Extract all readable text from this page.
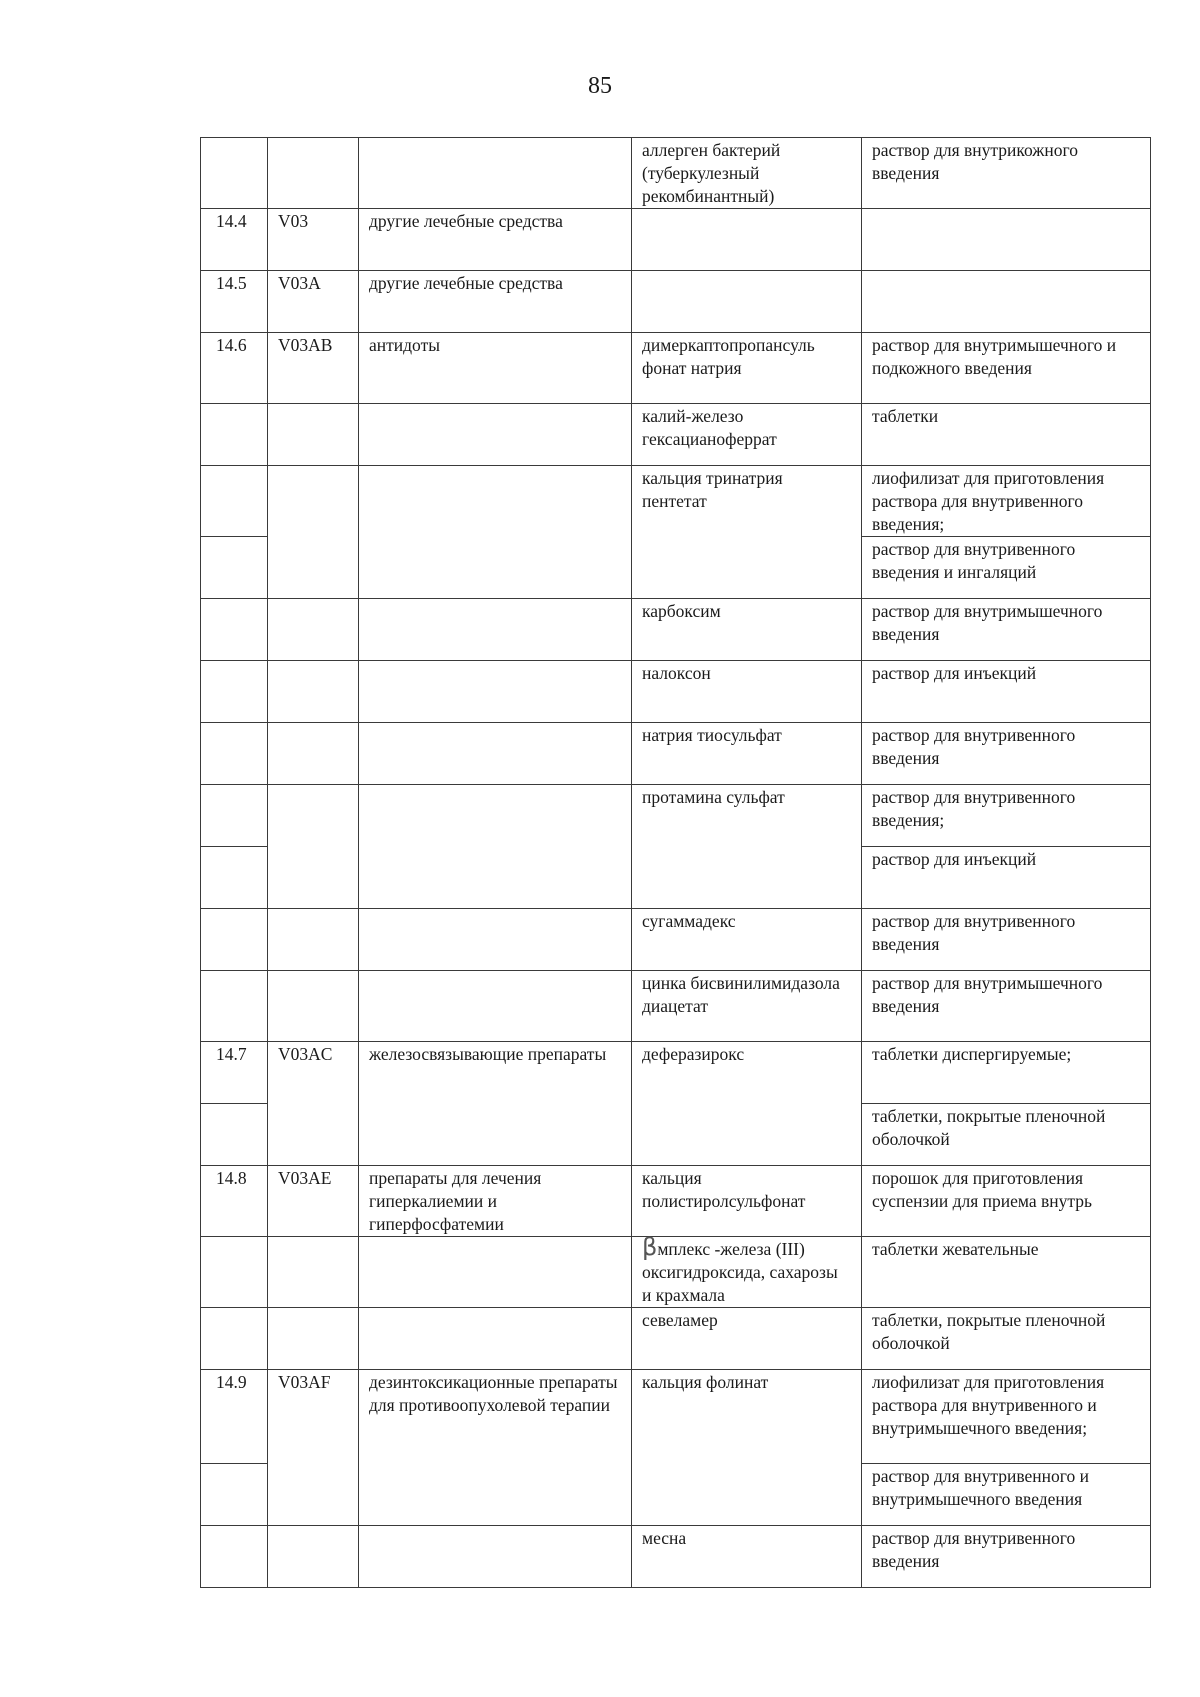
85
			аллерген бактерий (туберкулезный рекомбинантный)	раствор для внутрикожного введения
14.4	V03	другие лечебные средства		
14.5	V03A	другие лечебные средства		
14.6	V03AB	антидоты	димеркаптопропансуль фонат натрия	раствор для внутримышечного и подкожного введения
			калий-железо гексацианоферрат	таблетки
			кальция тринатрия пентетат	лиофилизат для приготовления раствора для внутривенного введения;
				раствор для внутривенного введения и ингаляций
			карбоксим	раствор для внутримышечного введения
			налоксон	раствор для инъекций
			натрия тиосульфат	раствор для внутривенного введения
			протамина сульфат	раствор для внутривенного введения;
				раствор для инъекций
			сугаммадекс	раствор для внутривенного введения
			цинка бисвинилимидазола диацетат	раствор для внутримышечного введения
14.7	V03AC	железосвязывающие препараты	деферазирокс	таблетки диспергируемые;
				таблетки, покрытые пленочной оболочкой
14.8	V03AE	препараты для лечения гиперкалиемии и гиперфосфатемии	кальция полистиролсульфонат	порошок для приготовления суспензии для приема внутрь
			βмплекс -железа (III) оксигидроксида, сахарозы и крахмала	таблетки жевательные
			севеламер	таблетки, покрытые пленочной оболочкой
14.9	V03AF	дезинтоксикационные препараты для противоопухолевой терапии	кальция фолинат	лиофилизат для приготовления раствора для внутривенного и внутримышечного введения;
				раствор для внутривенного и внутримышечного введения
			месна	раствор для внутривенного введения
